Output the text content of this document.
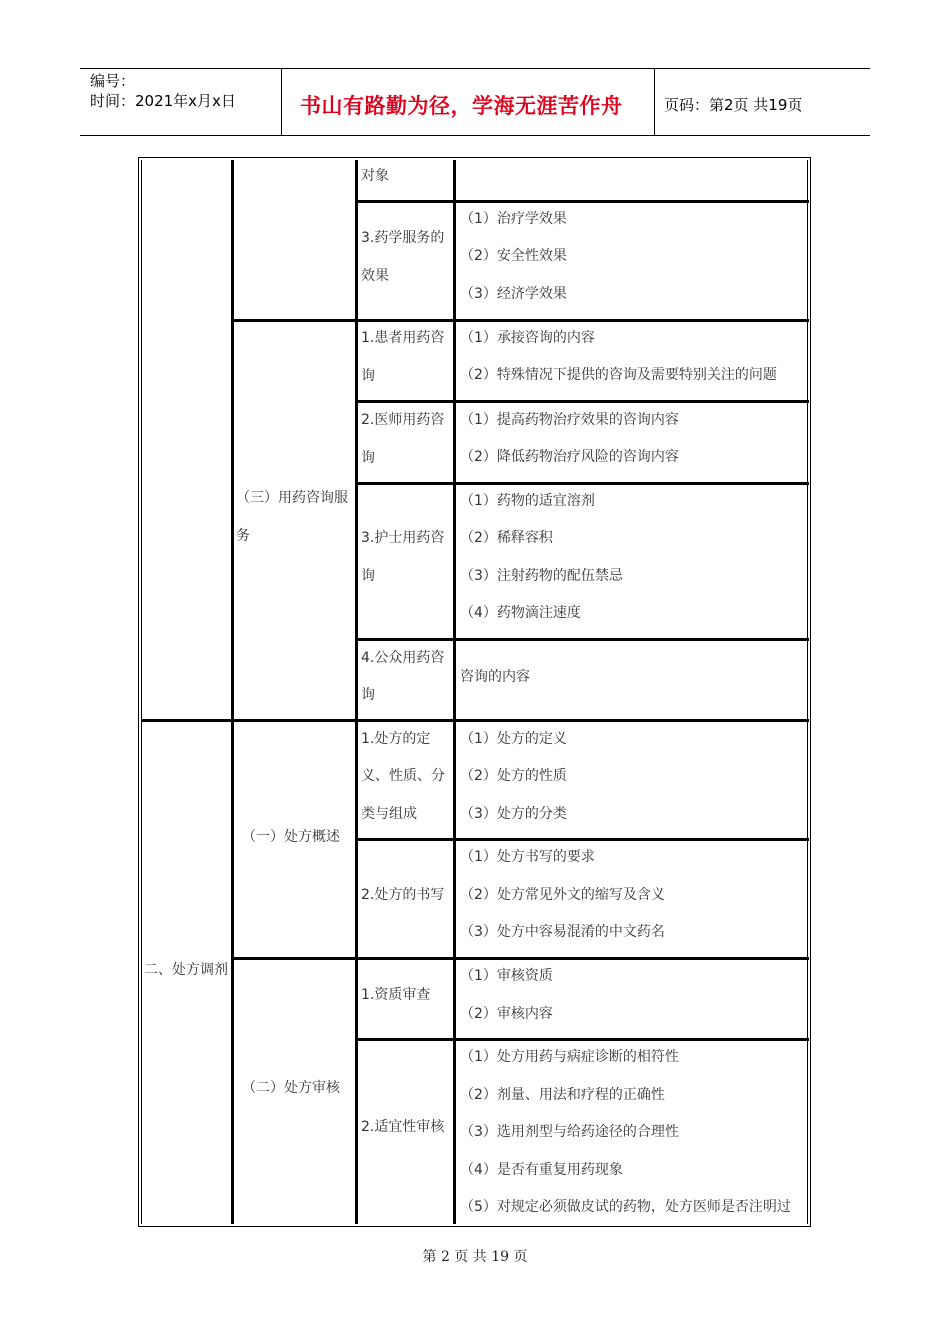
编号：
时间：2021年x月x日	书山有路勤为径，学海无涯苦作舟	页码：第2页 共19页
对象
3.药学服务的
效果
（1）治疗学效果
（2）安全性效果
（3）经济学效果
（三）用药咨询服
务
1.患者用药咨
询
（1）承接咨询的内容
（2）特殊情况下提供的咨询及需要特别关注的问题
2.医师用药咨
询
（1）提高药物治疗效果的咨询内容
（2）降低药物治疗风险的咨询内容
3.护士用药咨
询
（1）药物的适宜溶剂
（2）稀释容积
（3）注射药物的配伍禁忌
（4）药物滴注速度
4.公众用药咨
询
咨询的内容
二、处方调剂
（一）处方概述
1.处方的定
义、性质、分
类与组成
（1）处方的定义
（2）处方的性质
（3）处方的分类
2.处方的书写
（1）处方书写的要求
（2）处方常见外文的缩写及含义
（3）处方中容易混淆的中文药名
（二）处方审核
1.资质审查
（1）审核资质
（2）审核内容
2.适宜性审核
（1）处方用药与病症诊断的相符性
（2）剂量、用法和疗程的正确性
（3）选用剂型与给药途径的合理性
（4）是否有重复用药现象
（5）对规定必须做皮试的药物，处方医师是否注明过
第 2 页 共 19 页
